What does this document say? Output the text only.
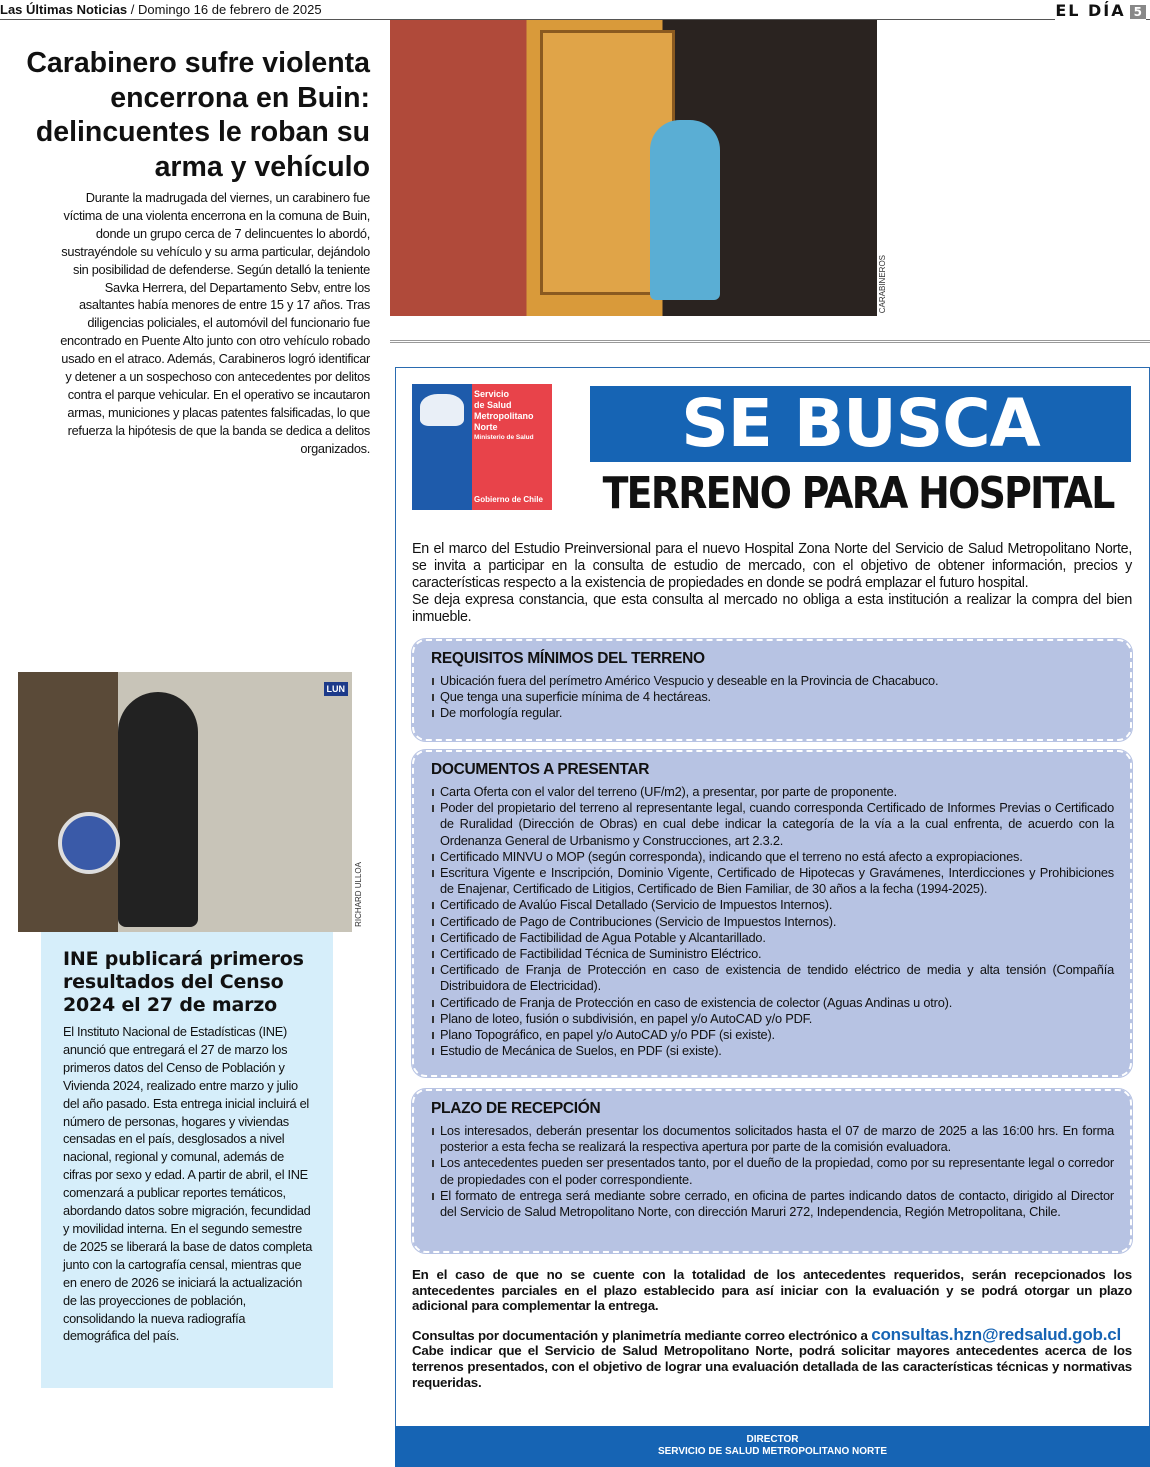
Las Últimas Noticias / Domingo 16 de febrero de 2025	EL DÍA 5
Carabinero sufre violenta encerrona en Buin: delincuentes le roban su arma y vehículo

Durante la madrugada del viernes, un carabinero fue víctima de una violenta encerrona en la comuna de Buin, donde un grupo cerca de 7 delincuentes lo abordó, sustrayéndole su vehículo y su arma particular, dejándolo sin posibilidad de defenderse. Según detalló la teniente Savka Herrera, del Departamento Sebv, entre los asaltantes había menores de entre 15 y 17 años. Tras diligencias policiales, el automóvil del funcionario fue encontrado en Puente Alto junto con otro vehículo robado usado en el atraco. Además, Carabineros logró identificar y detener a un sospechoso con antecedentes por delitos contra el parque vehicular. En el operativo se incautaron armas, municiones y placas patentes falsificadas, lo que refuerza la hipótesis de que la banda se dedica a delitos organizados.

CARABINEROS
Servicio
de Salud
Metropolitano
Norte
Ministerio de Salud
Gobierno de Chile
SE BUSCA
TERRENO PARA HOSPITAL

En el marco del Estudio Preinversional para el nuevo Hospital Zona Norte del Servicio de Salud Metropolitano Norte, se invita a participar en la consulta de estudio de mercado, con el objetivo de obtener información, precios y características respecto a la existencia de propiedades en donde se podrá emplazar el futuro hospital.

Se deja expresa constancia, que esta consulta al mercado no obliga a esta institución a realizar la compra del bien inmueble.

REQUISITOS MÍNIMOS DEL TERRENO
Ubicación fuera del perímetro Américo Vespucio y deseable en la Provincia de Chacabuco.
Que tenga una superficie mínima de 4 hectáreas.
De morfología regular.
DOCUMENTOS A PRESENTAR
Carta Oferta con el valor del terreno (UF/m2), a presentar, por parte de proponente.
Poder del propietario del terreno al representante legal, cuando corresponda Certificado de Informes Previas o Certificado de Ruralidad (Dirección de Obras) en cual debe indicar la categoría de la vía a la cual enfrenta, de acuerdo con la Ordenanza General de Urbanismo y Construcciones, art 2.3.2.
Certificado MINVU o MOP (según corresponda), indicando que el terreno no está afecto a expropiaciones.
Escritura Vigente e Inscripción, Dominio Vigente, Certificado de Hipotecas y Gravámenes, Interdicciones y Prohibiciones de Enajenar, Certificado de Litigios, Certificado de Bien Familiar, de 30 años a la fecha (1994-2025).
Certificado de Avalúo Fiscal Detallado (Servicio de Impuestos Internos).
Certificado de Pago de Contribuciones (Servicio de Impuestos Internos).
Certificado de Factibilidad de Agua Potable y Alcantarillado.
Certificado de Factibilidad Técnica de Suministro Eléctrico.
Certificado de Franja de Protección en caso de existencia de tendido eléctrico de media y alta tensión (Compañía Distribuidora de Electricidad).
Certificado de Franja de Protección en caso de existencia de colector (Aguas Andinas u otro).
Plano de loteo, fusión o subdivisión, en papel y/o AutoCAD y/o PDF.
Plano Topográfico, en papel y/o AutoCAD y/o PDF (si existe).
Estudio de Mecánica de Suelos, en PDF (si existe).
PLAZO DE RECEPCIÓN
Los interesados, deberán presentar los documentos solicitados hasta el 07 de marzo de 2025 a las 16:00 hrs. En forma posterior a esta fecha se realizará la respectiva apertura por parte de la comisión evaluadora.
Los antecedentes pueden ser presentados tanto, por el dueño de la propiedad, como por su representante legal o corredor de propiedades con el poder correspondiente.
El formato de entrega será mediante sobre cerrado, en oficina de partes indicando datos de contacto, dirigido al Director del Servicio de Salud Metropolitano Norte, con dirección Maruri 272, Independencia, Región Metropolitana, Chile.

En el caso de que no se cuente con la totalidad de los antecedentes requeridos, serán recepcionados los antecedentes parciales en el plazo establecido para así iniciar con la evaluación y se podrá otorgar un plazo adicional para complementar la entrega.

Consultas por documentación y planimetría mediante correo electrónico a consultas.hzn@redsalud.gob.cl
Cabe indicar que el Servicio de Salud Metropolitano Norte, podrá solicitar mayores antecedentes acerca de los terrenos presentados, con el objetivo de lograr una evaluación detallada de las características técnicas y normativas requeridas.
DIRECTOR
SERVICIO DE SALUD METROPOLITANO NORTE
LUN
RICHARD ULLOA
INE publicará primeros resultados del Censo 2024 el 27 de marzo

El Instituto Nacional de Estadísticas (INE) anunció que entregará el 27 de marzo los primeros datos del Censo de Población y Vivienda 2024, realizado entre marzo y julio del año pasado. Esta entrega inicial incluirá el número de personas, hogares y viviendas censadas en el país, desglosados a nivel nacional, regional y comunal, además de cifras por sexo y edad. A partir de abril, el INE comenzará a publicar reportes temáticos, abordando datos sobre migración, fecundidad y movilidad interna. En el segundo semestre de 2025 se liberará la base de datos completa junto con la cartografía censal, mientras que en enero de 2026 se iniciará la actualización de las proyecciones de población, consolidando la nueva radiografía demográfica del país.
